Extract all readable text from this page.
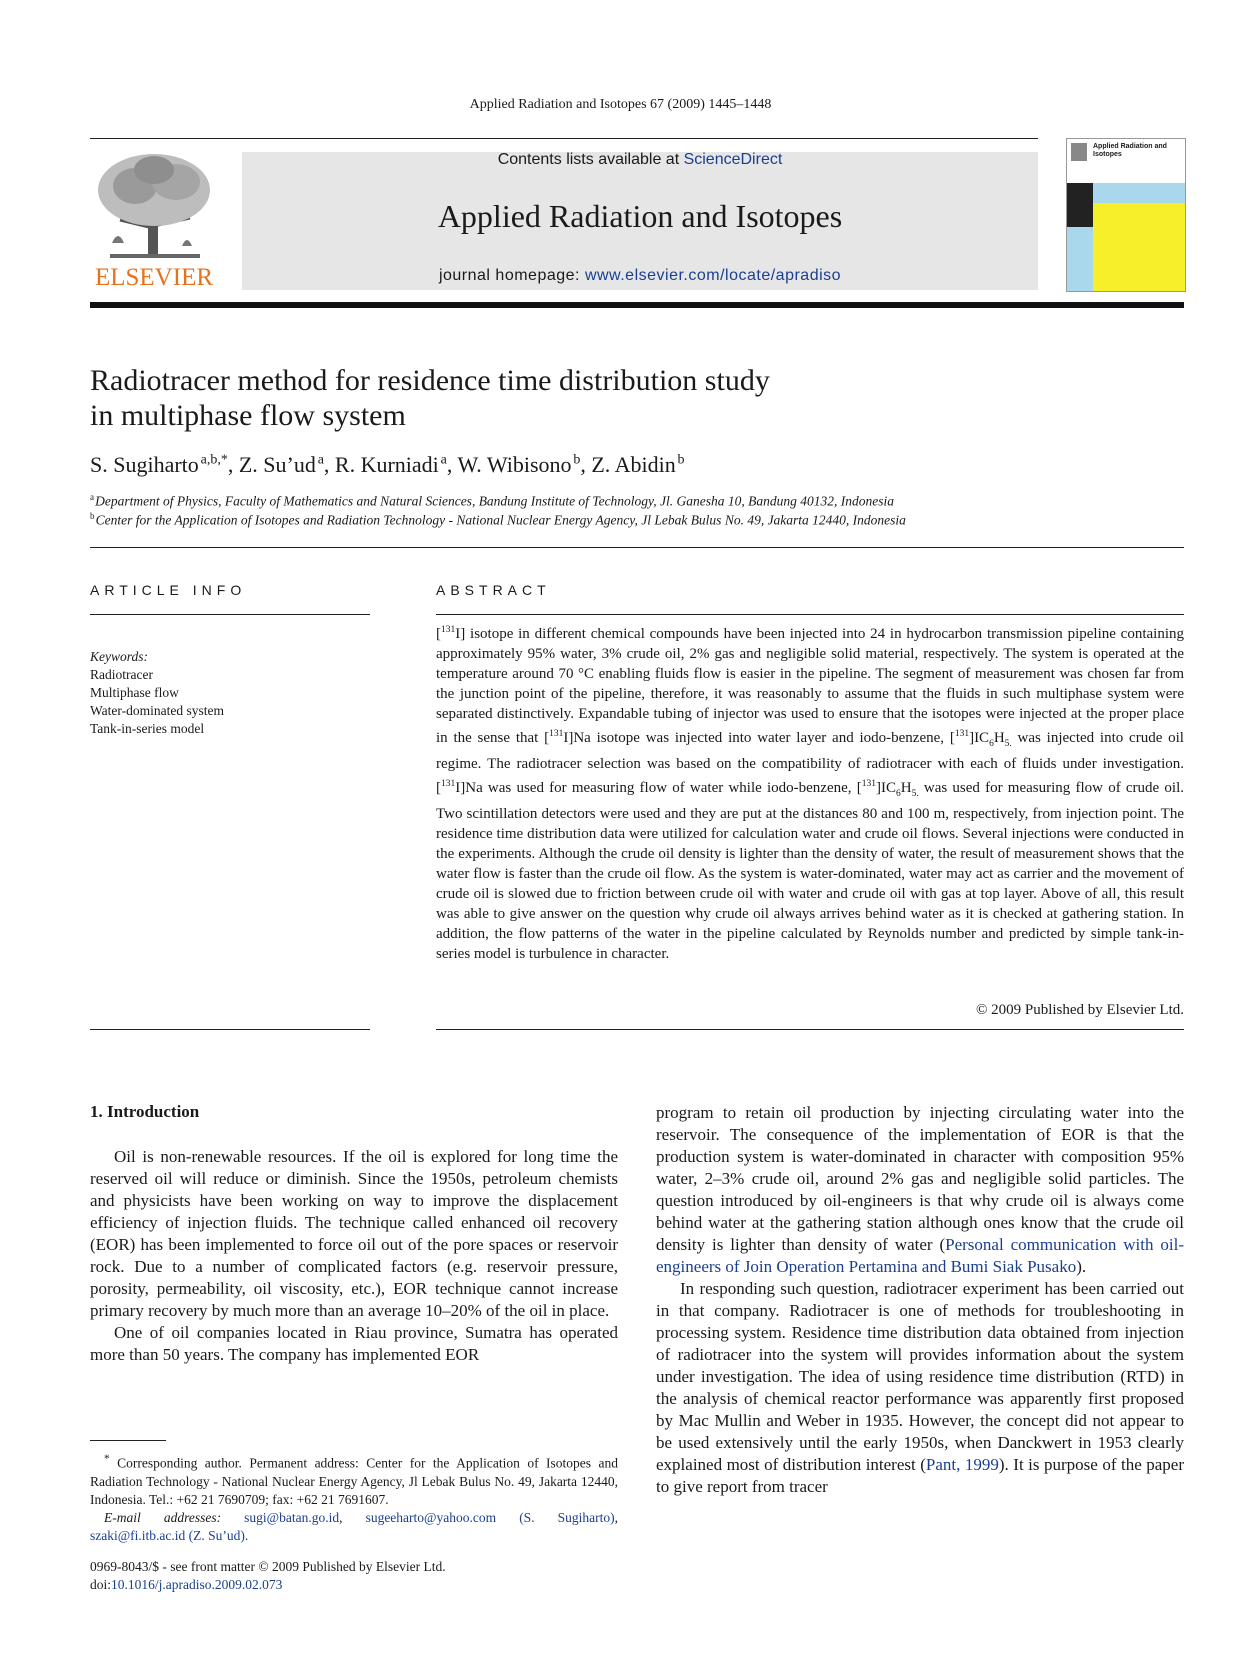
Applied Radiation and Isotopes 67 (2009) 1445–1448
ELSEVIER
Contents lists available at ScienceDirect
Applied Radiation and Isotopes
journal homepage: www.elsevier.com/locate/apradiso
Applied Radiation and Isotopes
Radiotracer method for residence time distribution study
in multiphase flow system
S. Sugiharto  $^{a,b,*}$, Z. Su’ud  $^a$, R. Kurniadi  $^a$, W. Wibisono  $^b$, Z. Abidin  $^b$
$^a$ Department of Physics, Faculty of Mathematics and Natural Sciences, Bandung Institute of Technology, Jl. Ganesha 10, Bandung 40132, Indonesia
$^b$ Center for the Application of Isotopes and Radiation Technology - National Nuclear Energy Agency, Jl Lebak Bulus No. 49, Jakarta 12440, Indonesia
ARTICLE INFO
Keywords:
Radiotracer
Multiphase flow
Water-dominated system
Tank-in-series model
ABSTRACT
[$^{131}$I] isotope in different chemical compounds have been injected into 24 in hydrocarbon transmission pipeline containing approximately 95% water, 3% crude oil, 2% gas and negligible solid material, respectively. The system is operated at the temperature around 70 °C enabling fluids flow is easier in the pipeline. The segment of measurement was chosen far from the junction point of the pipeline, therefore, it was reasonably to assume that the fluids in such multiphase system were separated distinctively. Expandable tubing of injector was used to ensure that the isotopes were injected at the proper place in the sense that [$^{131}$I]Na isotope was injected into water layer and iodo-benzene, $[^{131}]IC_6H_{5.}$ was injected into crude oil regime. The radiotracer selection was based on the compatibility of radiotracer with each of fluids under investigation. [$^{131}$I]Na was used for measuring flow of water while iodo-benzene, $[^{131}]IC_6H_{5.}$ was used for measuring flow of crude oil. Two scintillation detectors were used and they are put at the distances 80 and 100 m, respectively, from injection point. The residence time distribution data were utilized for calculation water and crude oil flows. Several injections were conducted in the experiments. Although the crude oil density is lighter than the density of water, the result of measurement shows that the water flow is faster than the crude oil flow. As the system is water-dominated, water may act as carrier and the movement of crude oil is slowed due to friction between crude oil with water and crude oil with gas at top layer. Above of all, this result was able to give answer on the question why crude oil always arrives behind water as it is checked at gathering station. In addition, the flow patterns of the water in the pipeline calculated by Reynolds number and predicted by simple tank-in-series model is turbulence in character.
© 2009 Published by Elsevier Ltd.
1. Introduction

Oil is non-renewable resources. If the oil is explored for long time the reserved oil will reduce or diminish. Since the 1950s, petroleum chemists and physicists have been working on way to improve the displacement efficiency of injection fluids. The technique called enhanced oil recovery (EOR) has been implemented to force oil out of the pore spaces or reservoir rock. Due to a number of complicated factors (e.g. reservoir pressure, porosity, permeability, oil viscosity, etc.), EOR technique cannot increase primary recovery by much more than an average 10–20% of the oil in place.

One of oil companies located in Riau province, Sumatra has operated more than 50 years. The company has implemented EOR

* Corresponding author. Permanent address: Center for the Application of Isotopes and Radiation Technology - National Nuclear Energy Agency, Jl Lebak Bulus No. 49, Jakarta 12440, Indonesia. Tel.: +62 21 7690709; fax: +62 21 7691607.

E-mail addresses: sugi@batan.go.id, sugeeharto@yahoo.com (S. Sugiharto), szaki@fi.itb.ac.id (Z. Su’ud).

0969-8043/$ - see front matter © 2009 Published by Elsevier Ltd.
doi:10.1016/j.apradiso.2009.02.073

program to retain oil production by injecting circulating water into the reservoir. The consequence of the implementation of EOR is that the production system is water-dominated in character with composition 95% water, 2–3% crude oil, around 2% gas and negligible solid particles. The question introduced by oil-engineers is that why crude oil is always come behind water at the gathering station although ones know that the crude oil density is lighter than density of water (Personal communication with oil-engineers of Join Operation Pertamina and Bumi Siak Pusako).

In responding such question, radiotracer experiment has been carried out in that company. Radiotracer is one of methods for troubleshooting in processing system. Residence time distribution data obtained from injection of radiotracer into the system will provides information about the system under investigation. The idea of using residence time distribution (RTD) in the analysis of chemical reactor performance was apparently first proposed by Mac Mullin and Weber in 1935. However, the concept did not appear to be used extensively until the early 1950s, when Danckwert in 1953 clearly explained most of distribution interest (Pant, 1999). It is purpose of the paper to give report from tracer
